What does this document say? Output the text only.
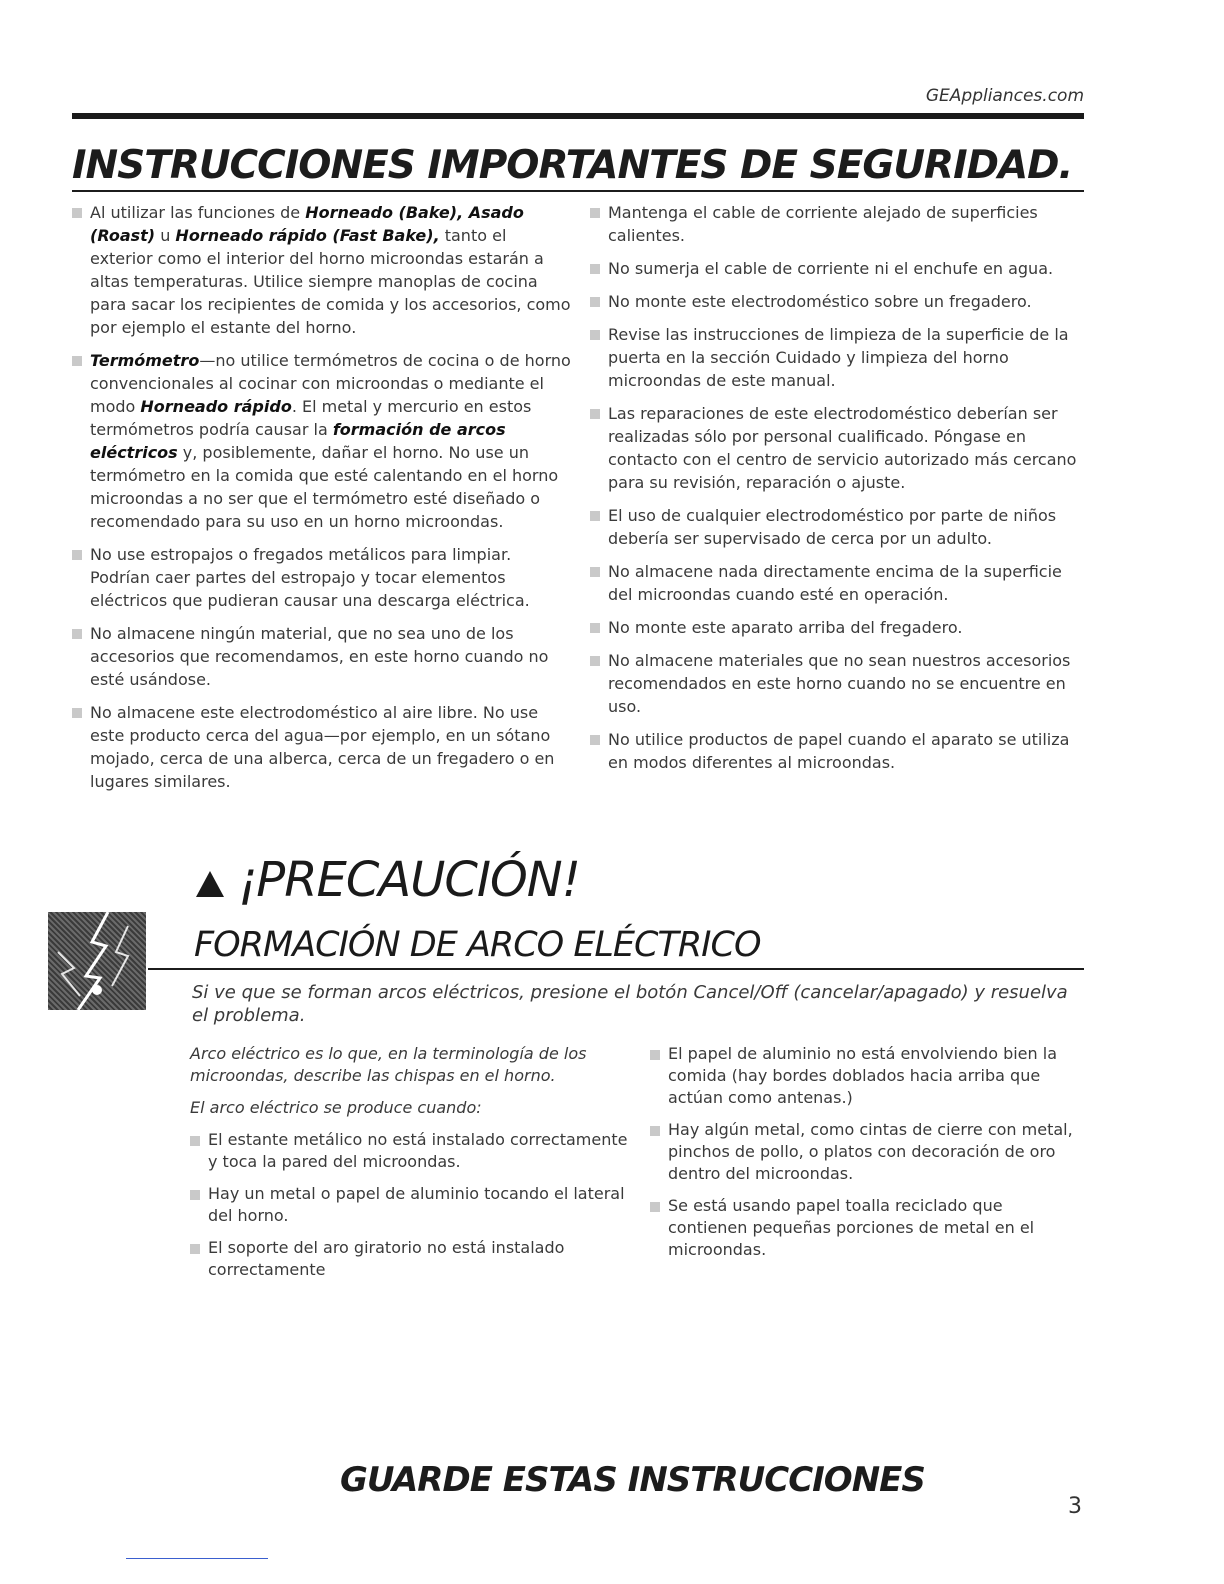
GEAppliances.com
INSTRUCCIONES IMPORTANTES DE SEGURIDAD.

Al utilizar las funciones de Horneado (Bake), Asado (Roast) u Horneado rápido (Fast Bake), tanto el exterior como el interior del horno microondas estarán a altas temperaturas. Utilice siempre manoplas de cocina para sacar los recipientes de comida y los accesorios, como por ejemplo el estante del horno.

Termómetro—no utilice termómetros de cocina o de horno convencionales al cocinar con microondas o mediante el modo Horneado rápido. El metal y mercurio en estos termómetros podría causar la formación de arcos eléctricos y, posiblemente, dañar el horno. No use un termómetro en la comida que esté calentando en el horno microondas a no ser que el termómetro esté diseñado o recomendado para su uso en un horno microondas.

No use estropajos o fregados metálicos para limpiar. Podrían caer partes del estropajo y tocar elementos eléctricos que pudieran causar una descarga eléctrica.

No almacene ningún material, que no sea uno de los accesorios que recomendamos, en este horno cuando no esté usándose.

No almacene este electrodoméstico al aire libre. No use este producto cerca del agua—por ejemplo, en un sótano mojado, cerca de una alberca, cerca de un fregadero o en lugares similares.

Mantenga el cable de corriente alejado de superficies calientes.

No sumerja el cable de corriente ni el enchufe en agua.

No monte este electrodoméstico sobre un fregadero.

Revise las instrucciones de limpieza de la superficie de la puerta en la sección Cuidado y limpieza del horno microondas de este manual.

Las reparaciones de este electrodoméstico deberían ser realizadas sólo por personal cualificado. Póngase en contacto con el centro de servicio autorizado más cercano para su revisión, reparación o ajuste.

El uso de cualquier electrodoméstico por parte de niños debería ser supervisado de cerca por un adulto.

No almacene nada directamente encima de la superficie del microondas cuando esté en operación.

No monte este aparato arriba del fregadero.

No almacene materiales que no sean nuestros accesorios recomendados en este horno cuando no se encuentre en uso.

No utilice productos de papel cuando el aparato se utiliza en modos diferentes al microondas.

¡PRECAUCIÓN!
FORMACIÓN DE ARCO ELÉCTRICO
Si ve que se forman arcos eléctricos, presione el botón Cancel/Off (cancelar/apagado) y resuelva el problema.

Arco eléctrico es lo que, en la terminología de los microondas, describe las chispas en el horno.

El arco eléctrico se produce cuando:

El estante metálico no está instalado correctamente y toca la pared del microondas.

Hay un metal o papel de aluminio tocando el lateral del horno.

El soporte del aro giratorio no está instalado correctamente

El papel de aluminio no está envolviendo bien la comida (hay bordes doblados hacia arriba que actúan como antenas.)

Hay algún metal, como cintas de cierre con metal, pinchos de pollo, o platos con decoración de oro dentro del microondas.

Se está usando papel toalla reciclado que contienen pequeñas porciones de metal en el microondas.

GUARDE ESTAS INSTRUCCIONES
3
